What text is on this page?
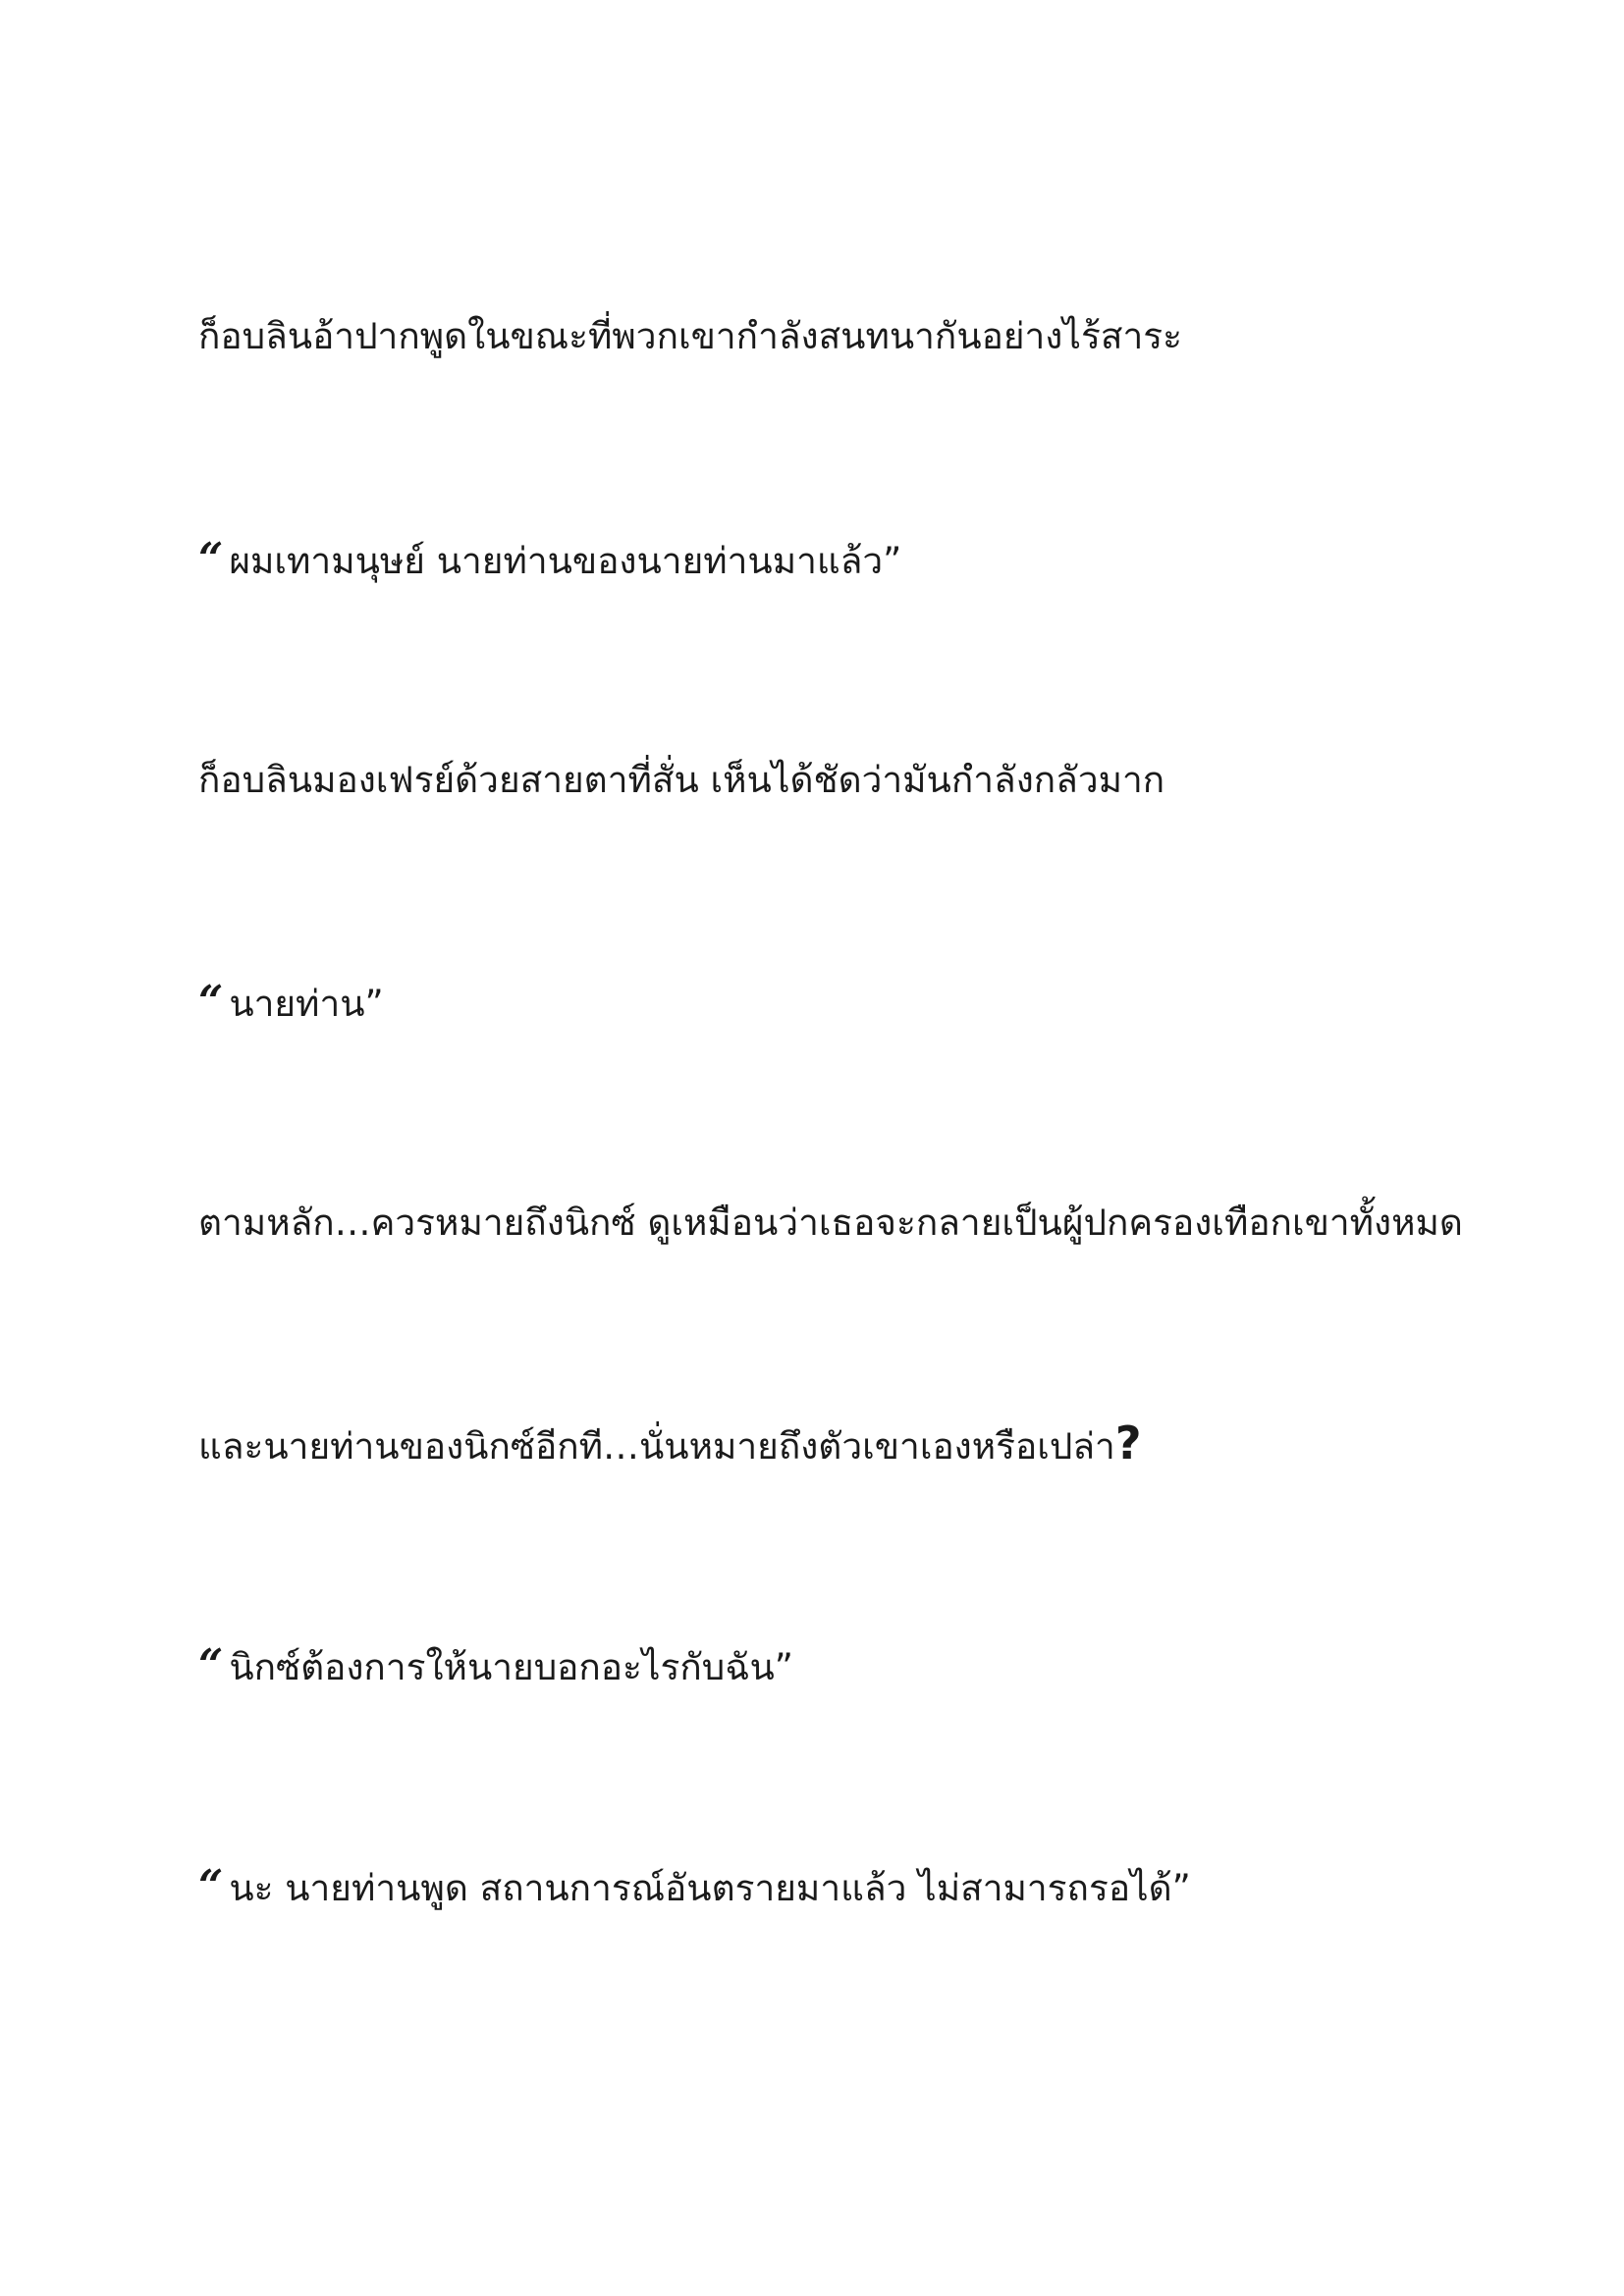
ก็อบลินอ้าปากพูดในขณะที่พวกเขากำลังสนทนากันอย่างไร้สาระ

“ ผมเทามนุษย์ นายท่านของนายท่านมาแล้ว”

ก็อบลินมองเฟรย์ด้วยสายตาที่สั่น เห็นได้ชัดว่ามันกำลังกลัวมาก

“ นายท่าน”

ตามหลัก…ควรหมายถึงนิกซ์ ดูเหมือนว่าเธอจะกลายเป็นผู้ปกครองเทือกเขาทั้งหมด

และนายท่านของนิกซ์อีกที…นั่นหมายถึงตัวเขาเองหรือเปล่า?

“ นิกซ์ต้องการให้นายบอกอะไรกับฉัน”

“ นะ นายท่านพูด สถานการณ์อันตรายมาแล้ว ไม่สามารถรอได้”
